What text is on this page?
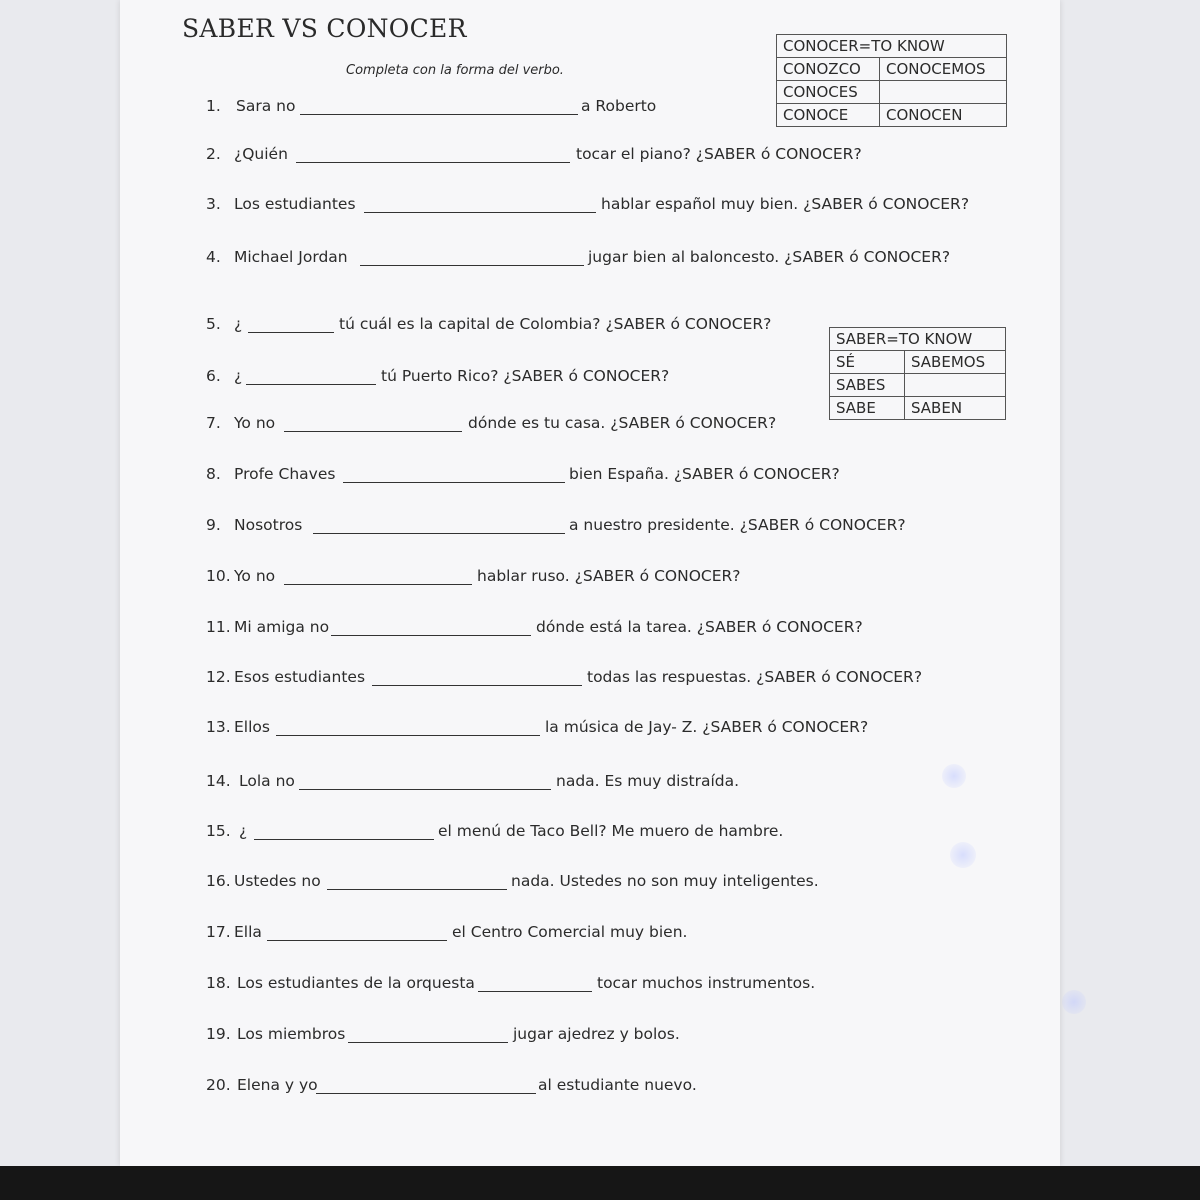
SABER VS CONOCER
Completa con la forma del verbo.
CONOCER=TO KNOW	
CONOZCO	CONOCEMOS
CONOCES	
CONOCE	CONOCEN
SABER=TO KNOW	
SÉ	SABEMOS
SABES	
SABE	SABEN
1. Sara no	a Roberto
2. ¿Quién	tocar el piano? ¿SABER ó CONOCER?
3. Los estudiantes	hablar español muy bien. ¿SABER ó CONOCER?
4. Michael Jordan	jugar bien al baloncesto. ¿SABER ó CONOCER?
5. ¿	tú cuál es la capital de Colombia? ¿SABER ó CONOCER?
6. ¿	tú Puerto Rico? ¿SABER ó CONOCER?
7. Yo no	dónde es tu casa. ¿SABER ó CONOCER?
8. Profe Chaves	bien España. ¿SABER ó CONOCER?
9. Nosotros	a nuestro presidente. ¿SABER ó CONOCER?
10. Yo no	hablar ruso. ¿SABER ó CONOCER?
11. Mi amiga no	dónde está la tarea. ¿SABER ó CONOCER?
12. Esos estudiantes	todas las respuestas. ¿SABER ó CONOCER?
13. Ellos	la música de Jay- Z. ¿SABER ó CONOCER?
14. Lola no	nada. Es muy distraída.
15. ¿	el menú de Taco Bell? Me muero de hambre.
16. Ustedes no	nada. Ustedes no son muy inteligentes.
17. Ella	el Centro Comercial muy bien.
18. Los estudiantes de la orquesta	tocar muchos instrumentos.
19. Los miembros	jugar ajedrez y bolos.
20. Elena y yo	al estudiante nuevo.
